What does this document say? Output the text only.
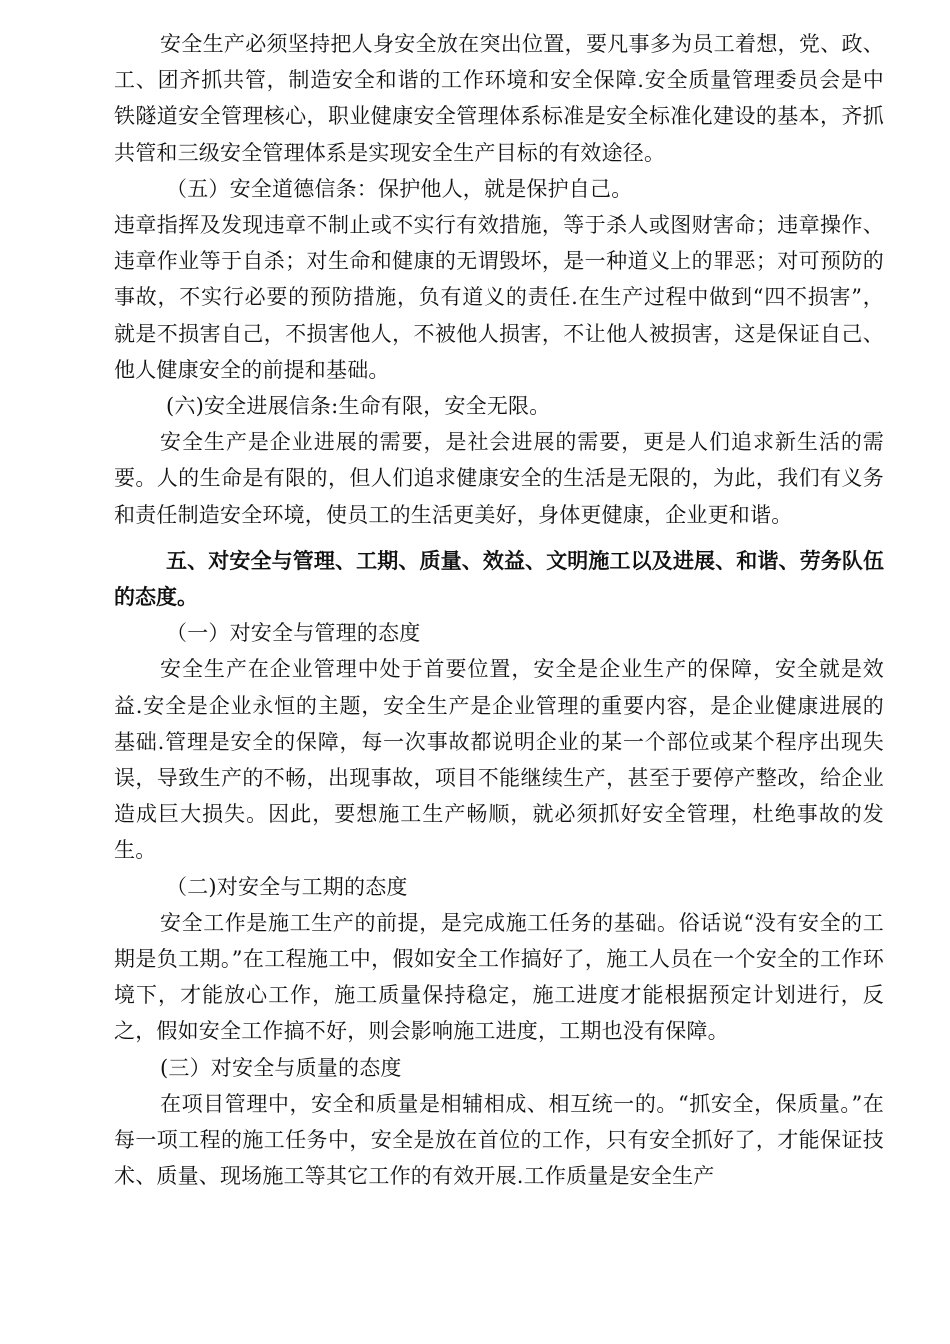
安全生产必须坚持把人身安全放在突出位置，要凡事多为员工着想，党、政、工、团齐抓共管，制造安全和谐的工作环境和安全保障.安全质量管理委员会是中铁隧道安全管理核心，职业健康安全管理体系标准是安全标准化建设的基本，齐抓共管和三级安全管理体系是实现安全生产目标的有效途径。

（五）安全道德信条：保护他人，就是保护自己。

违章指挥及发现违章不制止或不实行有效措施，等于杀人或图财害命；违章操作、违章作业等于自杀；对生命和健康的无谓毁坏，是一种道义上的罪恶；对可预防的事故，不实行必要的预防措施，负有道义的责任.在生产过程中做到“四不损害”，就是不损害自己，不损害他人，不被他人损害，不让他人被损害，这是保证自己、他人健康安全的前提和基础。

(六)安全进展信条:生命有限，安全无限。

安全生产是企业进展的需要，是社会进展的需要，更是人们追求新生活的需要。人的生命是有限的，但人们追求健康安全的生活是无限的，为此，我们有义务和责任制造安全环境，使员工的生活更美好，身体更健康，企业更和谐。

五、对安全与管理、工期、质量、效益、文明施工以及进展、和谐、劳务队伍的态度。

（一）对安全与管理的态度

安全生产在企业管理中处于首要位置，安全是企业生产的保障，安全就是效益.安全是企业永恒的主题，安全生产是企业管理的重要内容，是企业健康进展的基础.管理是安全的保障，每一次事故都说明企业的某一个部位或某个程序出现失误，导致生产的不畅，出现事故，项目不能继续生产，甚至于要停产整改，给企业造成巨大损失。因此，要想施工生产畅顺，就必须抓好安全管理，杜绝事故的发生。

（二)对安全与工期的态度

安全工作是施工生产的前提，是完成施工任务的基础。俗话说“没有安全的工期是负工期。”在工程施工中，假如安全工作搞好了，施工人员在一个安全的工作环境下，才能放心工作，施工质量保持稳定，施工进度才能根据预定计划进行，反之，假如安全工作搞不好，则会影响施工进度，工期也没有保障。

(三）对安全与质量的态度

在项目管理中，安全和质量是相辅相成、相互统一的。“抓安全，保质量。”在每一项工程的施工任务中，安全是放在首位的工作，只有安全抓好了，才能保证技术、质量、现场施工等其它工作的有效开展.工作质量是安全生产
